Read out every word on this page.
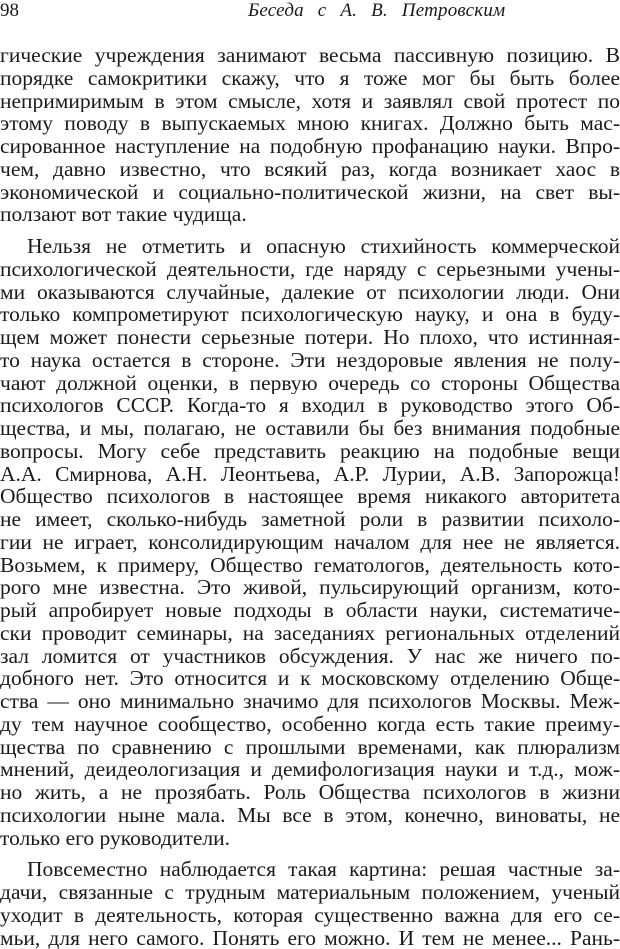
98	Беседа с А. В. Петровским
гические учреждения занимают весьма пассивную позицию. В
порядке самокритики скажу, что я тоже мог бы быть более
непримиримым в этом смысле, хотя и заявлял свой протест по
этому поводу в выпускаемых мною книгах. Должно быть мас-
сированное наступление на подобную профанацию науки. Впро-
чем, давно известно, что всякий раз, когда возникает хаос в
экономической и социально-политической жизни, на свет вы-
ползают вот такие чудища.
Нельзя не отметить и опасную стихийность коммерческой
психологической деятельности, где наряду с серьезными учены-
ми оказываются случайные, далекие от психологии люди. Они
только компрометируют психологическую науку, и она в буду-
щем может понести серьезные потери. Но плохо, что истинная-
то наука остается в стороне. Эти нездоровые явления не полу-
чают должной оценки, в первую очередь со стороны Общества
психологов СССР. Когда-то я входил в руководство этого Об-
щества, и мы, полагаю, не оставили бы без внимания подобные
вопросы. Могу себе представить реакцию на подобные вещи
А.А. Смирнова, А.Н. Леонтьева, А.Р. Лурии, А.В. Запорожца!
Общество психологов в настоящее время никакого авторитета
не имеет, сколько-нибудь заметной роли в развитии психоло-
гии не играет, консолидирующим началом для нее не является.
Возьмем, к примеру, Общество гематологов, деятельность кото-
рого мне известна. Это живой, пульсирующий организм, кото-
рый апробирует новые подходы в области науки, систематиче-
ски проводит семинары, на заседаниях региональных отделений
зал ломится от участников обсуждения. У нас же ничего по-
добного нет. Это относится и к московскому отделению Обще-
ства — оно минимально значимо для психологов Москвы. Меж-
ду тем научное сообщество, особенно когда есть такие преиму-
щества по сравнению с прошлыми временами, как плюрализм
мнений, деидеологизация и демифологизация науки и т.д., мож-
но жить, а не прозябать. Роль Общества психологов в жизни
психологии ныне мала. Мы все в этом, конечно, виноваты, не
только его руководители.
Повсеместно наблюдается такая картина: решая частные за-
дачи, связанные с трудным материальным положением, ученый
уходит в деятельность, которая существенно важна для его се-
мьи, для него самого. Понять его можно. И тем не менее... Рань-
